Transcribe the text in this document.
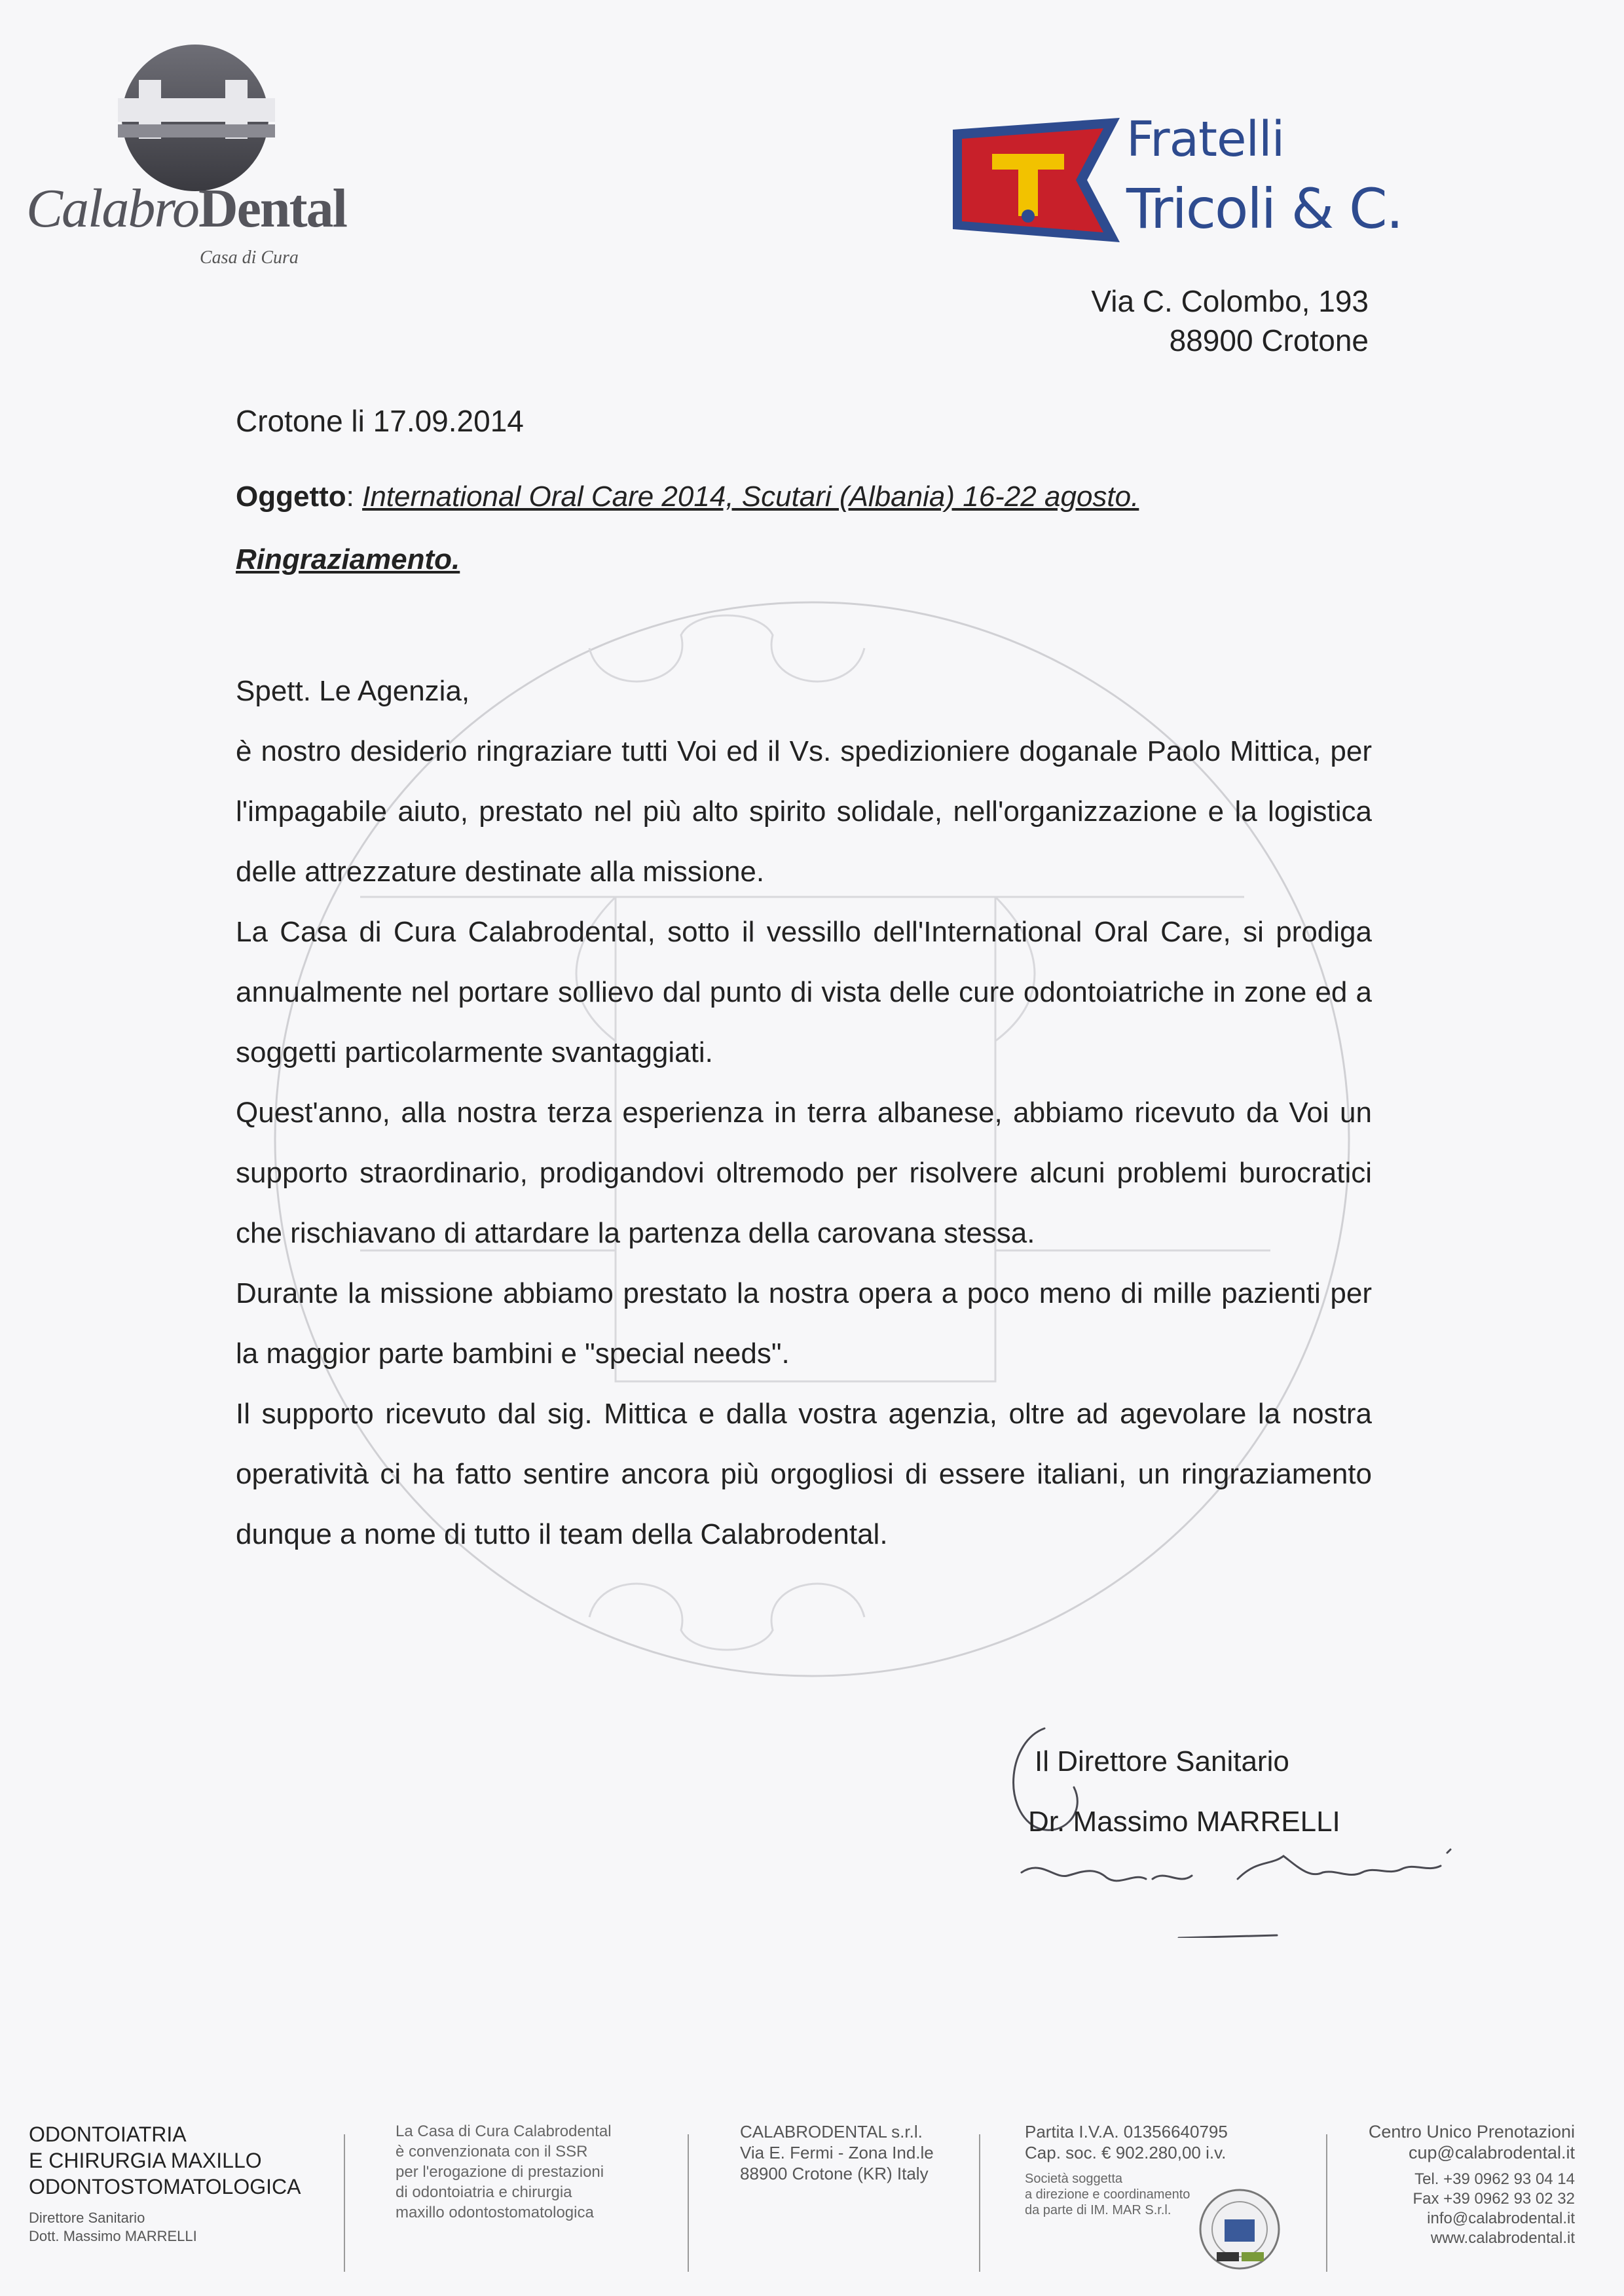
CalabroDental
Casa di Cura
Fratelli
Tricoli & C.
Via C. Colombo, 193
88900 Crotone
Crotone li 17.09.2014
Oggetto: International Oral Care 2014, Scutari (Albania) 16-22 agosto.
Ringraziamento.

Spett. Le Agenzia,

è nostro desiderio ringraziare tutti Voi ed il Vs. spedizioniere doganale Paolo Mittica, per l'impagabile aiuto, prestato nel più alto spirito solidale, nell'organizzazione e la logistica delle attrezzature destinate alla missione.

La Casa di Cura Calabrodental, sotto il vessillo dell'International Oral Care, si prodiga annualmente nel portare sollievo dal punto di vista delle cure odontoiatriche in zone ed a soggetti particolarmente svantaggiati.

Quest'anno, alla nostra terza esperienza in terra albanese, abbiamo ricevuto da Voi un supporto straordinario, prodigandovi oltremodo per risolvere alcuni problemi burocratici che rischiavano di attardare la partenza della carovana stessa.

Durante la missione abbiamo prestato la nostra opera a poco meno di mille pazienti per la maggior parte bambini e "special needs".

Il supporto ricevuto dal sig. Mittica e dalla vostra agenzia, oltre ad agevolare la nostra operatività ci ha fatto sentire ancora più orgogliosi di essere italiani, un ringraziamento dunque a nome di tutto il team della Calabrodental.

Il Direttore Sanitario
Dr. Massimo MARRELLI
ODONTOIATRIA
E CHIRURGIA MAXILLO
ODONTOSTOMATOLOGICA
Direttore Sanitario
Dott. Massimo MARRELLI
La Casa di Cura Calabrodental
è convenzionata con il SSR
per l'erogazione di prestazioni
di odontoiatria e chirurgia
maxillo odontostomatologica
CALABRODENTAL s.r.l.
Via E. Fermi - Zona Ind.le
88900 Crotone (KR) Italy
Partita I.V.A. 01356640795
Cap. soc. € 902.280,00 i.v.
Società soggetta
a direzione e coordinamento
da parte di IM. MAR S.r.l.
Centro Unico Prenotazioni
cup@calabrodental.it
Tel. +39 0962 93 04 14
Fax +39 0962 93 02 32
info@calabrodental.it
www.calabrodental.it
